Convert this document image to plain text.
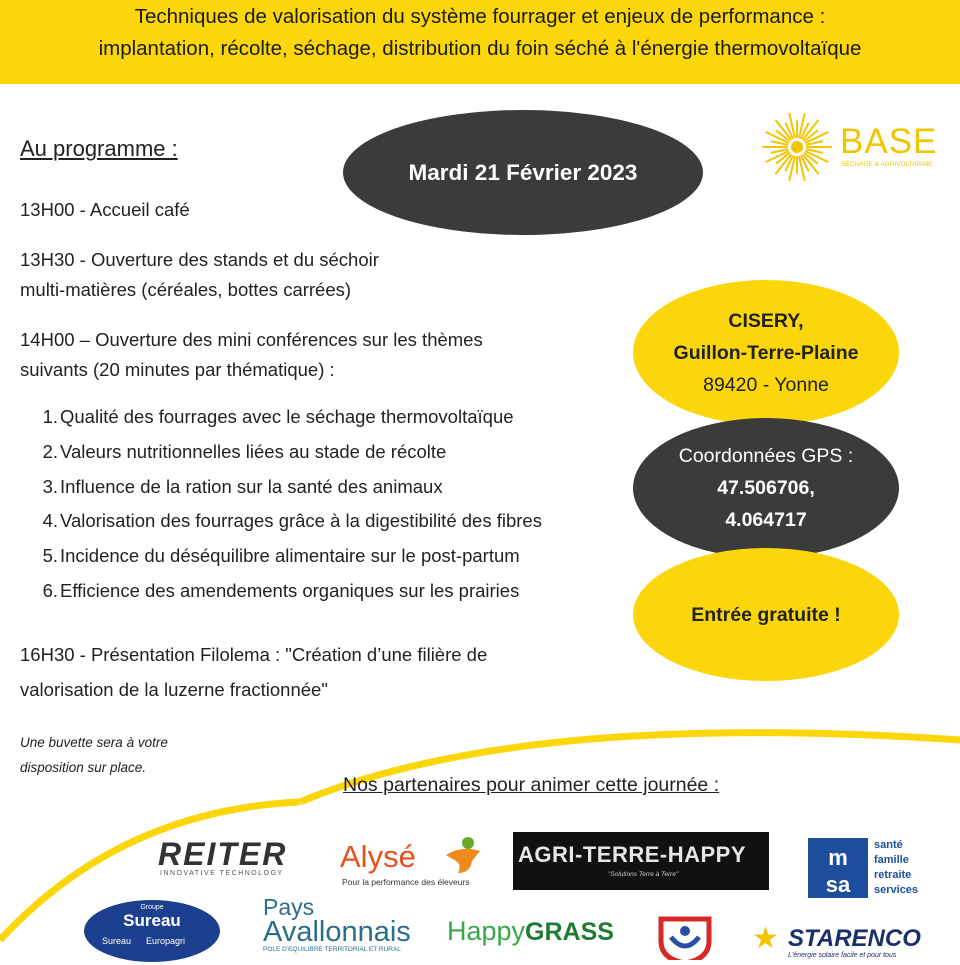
Techniques de valorisation du système fourrager et enjeux de performance :
implantation, récolte, séchage, distribution du foin séché à l'énergie thermovoltaïque
Au programme :
Mardi 21 Février 2023
13H00 - Accueil café
13H30 - Ouverture des stands et du séchoir
multi-matières (céréales, bottes carrées)
14H00 – Ouverture des mini conférences sur les thèmes
suivants (20 minutes par thématique) :
1. Qualité des fourrages avec le séchage thermovoltaïque
2. Valeurs nutritionnelles liées au stade de récolte
3. Influence de la ration sur la santé des animaux
4. Valorisation des fourrages grâce à la digestibilité des fibres
5. Incidence du déséquilibre alimentaire sur le post-partum
6. Efficience des amendements organiques sur les prairies
16H30 - Présentation Filolema : "Création d’une filière de
valorisation de la luzerne fractionnée"
Une buvette sera à votre
disposition sur place.
BASE
SÉCHAGE & AGRIVOLTAÏSME
CISERY,
Guillon-Terre-Plaine
89420 - Yonne
Coordonnées GPS :
47.506706,
4.064717
Entrée gratuite !
Nos partenaires pour animer cette journée :
REITER
INNOVATIVE TECHNOLOGY	Alysé
Pour la performance des éleveurs
AGRI-TERRE-HAPPY
"Solutions Terre à Terre"
m
sa
santé
famille
retraite
services
Groupe
Sureau
Sureau Europagri
Pays
Avallonnais
POLE D'EQUILIBRE TERRITORIAL ET RURAL
HappyGRASS	★ STARENCO
L'énergie solaire facile et pour tous
